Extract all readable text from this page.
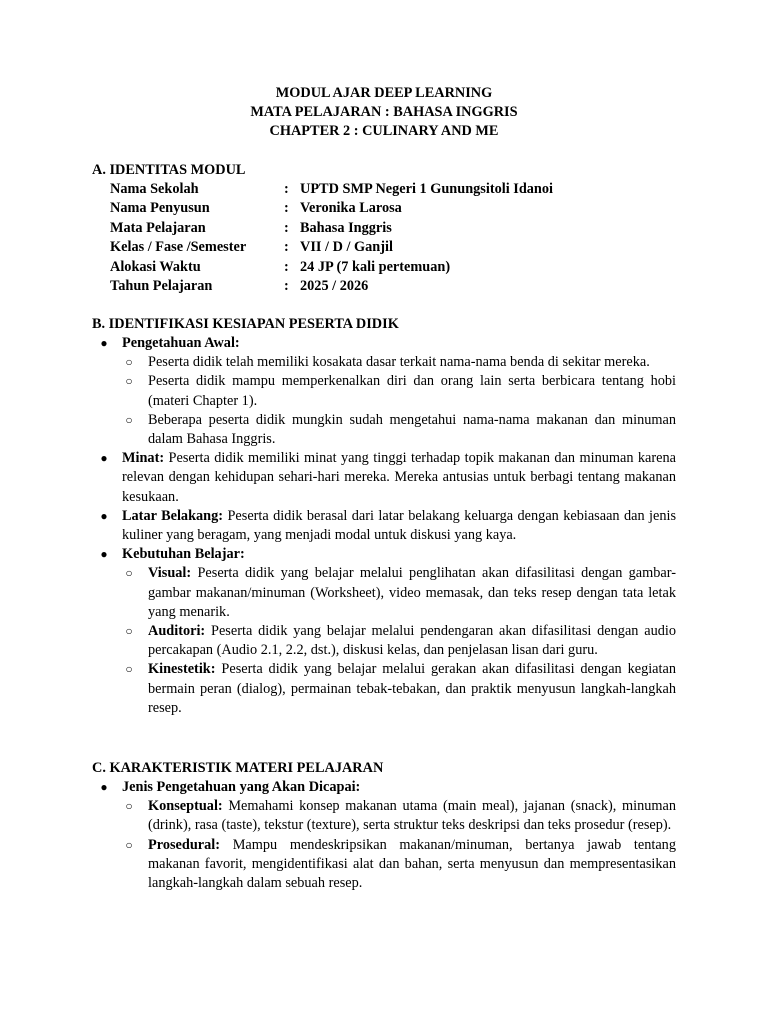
MODUL AJAR DEEP LEARNING
MATA PELAJARAN : BAHASA INGGRIS
CHAPTER 2 : CULINARY AND ME
A. IDENTITAS MODUL
Nama Sekolah	: UPTD SMP Negeri 1 Gunungsitoli Idanoi
Nama Penyusun	: Veronika Larosa
Mata Pelajaran	: Bahasa Inggris
Kelas / Fase /Semester	: VII / D / Ganjil
Alokasi Waktu	: 24 JP (7 kali pertemuan)
Tahun Pelajaran	: 2025 / 2026
B. IDENTIFIKASI KESIAPAN PESERTA DIDIK
● Pengetahuan Awal:
○ Peserta didik telah memiliki kosakata dasar terkait nama-nama benda di sekitar mereka.
○ Peserta didik mampu memperkenalkan diri dan orang lain serta berbicara tentang hobi (materi Chapter 1).
○ Beberapa peserta didik mungkin sudah mengetahui nama-nama makanan dan minuman dalam Bahasa Inggris.
● Minat: Peserta didik memiliki minat yang tinggi terhadap topik makanan dan minuman karena relevan dengan kehidupan sehari-hari mereka. Mereka antusias untuk berbagi tentang makanan kesukaan.
● Latar Belakang: Peserta didik berasal dari latar belakang keluarga dengan kebiasaan dan jenis kuliner yang beragam, yang menjadi modal untuk diskusi yang kaya.
● Kebutuhan Belajar:
○ Visual: Peserta didik yang belajar melalui penglihatan akan difasilitasi dengan gambar-gambar makanan/minuman (Worksheet), video memasak, dan teks resep dengan tata letak yang menarik.
○ Auditori: Peserta didik yang belajar melalui pendengaran akan difasilitasi dengan audio percakapan (Audio 2.1, 2.2, dst.), diskusi kelas, dan penjelasan lisan dari guru.
○ Kinestetik: Peserta didik yang belajar melalui gerakan akan difasilitasi dengan kegiatan bermain peran (dialog), permainan tebak-tebakan, dan praktik menyusun langkah-langkah resep.
C. KARAKTERISTIK MATERI PELAJARAN
● Jenis Pengetahuan yang Akan Dicapai:
○ Konseptual: Memahami konsep makanan utama (main meal), jajanan (snack), minuman (drink), rasa (taste), tekstur (texture), serta struktur teks deskripsi dan teks prosedur (resep).
○ Prosedural: Mampu mendeskripsikan makanan/minuman, bertanya jawab tentang makanan favorit, mengidentifikasi alat dan bahan, serta menyusun dan mempresentasikan langkah-langkah dalam sebuah resep.
